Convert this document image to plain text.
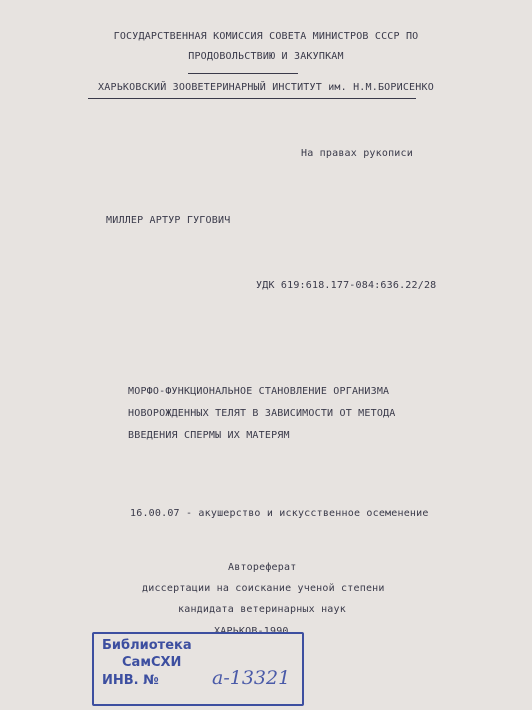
ГОСУДАРСТВЕННАЯ КОМИССИЯ СОВЕТА МИНИСТРОВ СССР ПО
ПРОДОВОЛЬСТВИЮ И ЗАКУПКАМ
ХАРЬКОВСКИЙ ЗООВЕТЕРИНАРНЫЙ ИНСТИТУТ им. Н.М.БОРИСЕНКО
На правах рукописи
МИЛЛЕР АРТУР ГУГОВИЧ
УДК 619:618.177-084:636.22/28
МОРФО-ФУНКЦИОНАЛЬНОЕ СТАНОВЛЕНИЕ ОРГАНИЗМА
НОВОРОЖДЕННЫХ ТЕЛЯТ В ЗАВИСИМОСТИ ОТ МЕТОДА
ВВЕДЕНИЯ СПЕРМЫ ИХ МАТЕРЯМ
16.00.07 - акушерство и искусственное осеменение
Автореферат
диссертации на соискание ученой степени
кандидата ветеринарных наук
ХАРЬКОВ-1990
Библиотека
СамСХИ
ИНВ. №	а-13321
